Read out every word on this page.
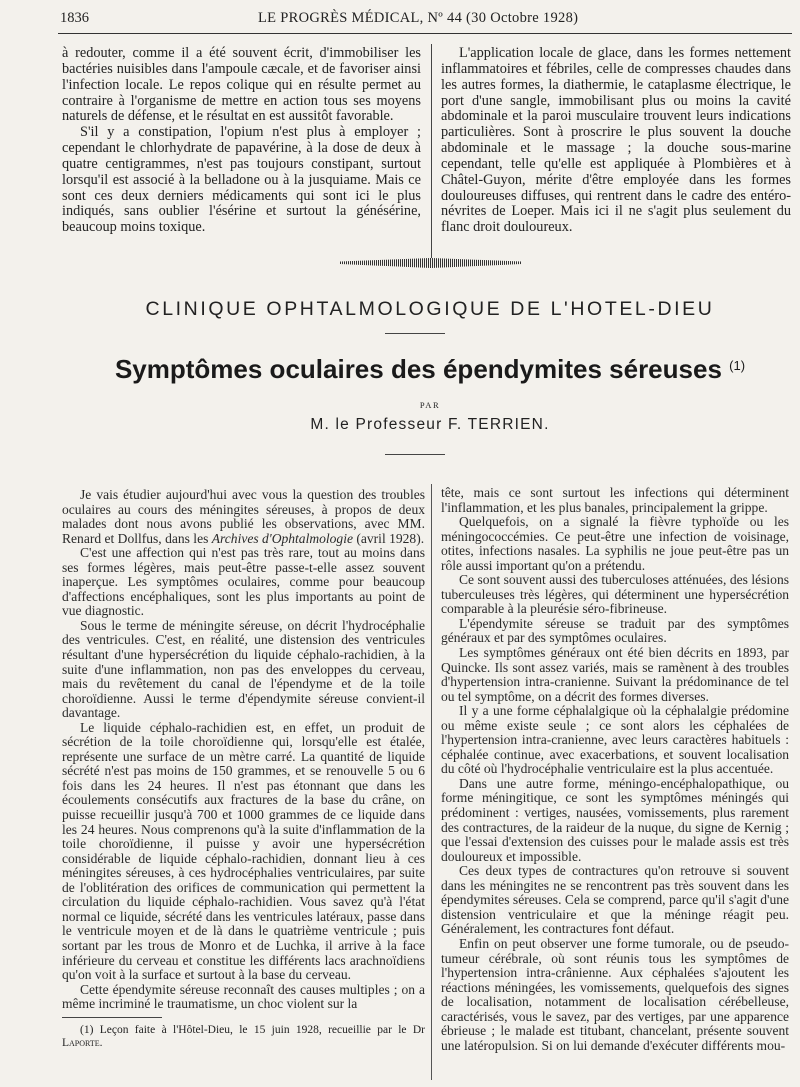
1836	LE PROGRÈS MÉDICAL, Nº 44 (30 Octobre 1928)

à redouter, comme il a été souvent écrit, d'immobiliser les bactéries nuisibles dans l'ampoule cæcale, et de favoriser ainsi l'infection locale. Le repos colique qui en résulte permet au contraire à l'organisme de mettre en action tous ses moyens naturels de défense, et le résultat en est aussitôt favorable.

S'il y a constipation, l'opium n'est plus à employer ; cependant le chlorhydrate de papavérine, à la dose de deux à quatre centigrammes, n'est pas toujours constipant, surtout lorsqu'il est associé à la belladone ou à la jusquiame. Mais ce sont ces deux derniers médicaments qui sont ici le plus indiqués, sans oublier l'ésérine et surtout la génésérine, beaucoup moins toxique.

L'application locale de glace, dans les formes nettement inflammatoires et fébriles, celle de compresses chaudes dans les autres formes, la diathermie, le cataplasme électrique, le port d'une sangle, immobilisant plus ou moins la cavité abdominale et la paroi musculaire trouvent leurs indications particulières. Sont à proscrire le plus souvent la douche abdominale et le massage ; la douche sous-marine cependant, telle qu'elle est appliquée à Plombières et à Châtel-Guyon, mérite d'être employée dans les formes douloureuses diffuses, qui rentrent dans le cadre des entéro-névrites de Loeper. Mais ici il ne s'agit plus seulement du flanc droit douloureux.

CLINIQUE OPHTALMOLOGIQUE DE L'HOTEL-DIEU
Symptômes oculaires des épendymites séreuses $^{(1)}$
PAR
M. le Professeur F. TERRIEN.

Je vais étudier aujourd'hui avec vous la question des troubles oculaires au cours des méningites séreuses, à propos de deux malades dont nous avons publié les observations, avec MM. Renard et Dollfus, dans les Archives d'Ophtalmologie (avril 1928).

C'est une affection qui n'est pas très rare, tout au moins dans ses formes légères, mais peut-être passe-t-elle assez souvent inaperçue. Les symptômes oculaires, comme pour beaucoup d'affections encéphaliques, sont les plus importants au point de vue diagnostic.

Sous le terme de méningite séreuse, on décrit l'hydrocéphalie des ventricules. C'est, en réalité, une distension des ventricules résultant d'une hypersécrétion du liquide céphalo-rachidien, à la suite d'une inflammation, non pas des enveloppes du cerveau, mais du revêtement du canal de l'épendyme et de la toile choroïdienne. Aussi le terme d'épendymite séreuse convient-il davantage.

Le liquide céphalo-rachidien est, en effet, un produit de sécrétion de la toile choroïdienne qui, lorsqu'elle est étalée, représente une surface de un mètre carré. La quantité de liquide sécrété n'est pas moins de 150 grammes, et se renouvelle 5 ou 6 fois dans les 24 heures. Il n'est pas étonnant que dans les écoulements consécutifs aux fractures de la base du crâne, on puisse recueillir jusqu'à 700 et 1000 grammes de ce liquide dans les 24 heures. Nous comprenons qu'à la suite d'inflammation de la toile choroïdienne, il puisse y avoir une hypersécrétion considérable de liquide céphalo-rachidien, donnant lieu à ces méningites séreuses, à ces hydrocéphalies ventriculaires, par suite de l'oblitération des orifices de communication qui permettent la circulation du liquide céphalo-rachidien. Vous savez qu'à l'état normal ce liquide, sécrété dans les ventricules latéraux, passe dans le ventricule moyen et de là dans le quatrième ventricule ; puis sortant par les trous de Monro et de Luchka, il arrive à la face inférieure du cerveau et constitue les différents lacs arachnoïdiens qu'on voit à la surface et surtout à la base du cerveau.

Cette épendymite séreuse reconnaît des causes multiples ; on a même incriminé le traumatisme, un choc violent sur la

tête, mais ce sont surtout les infections qui déterminent l'inflammation, et les plus banales, principalement la grippe.

Quelquefois, on a signalé la fièvre typhoïde ou les méningococcémies. Ce peut-être une infection de voisinage, otites, infections nasales. La syphilis ne joue peut-être pas un rôle aussi important qu'on a prétendu.

Ce sont souvent aussi des tuberculoses atténuées, des lésions tuberculeuses très légères, qui déterminent une hypersécrétion comparable à la pleurésie séro-fibrineuse.

L'épendymite séreuse se traduit par des symptômes généraux et par des symptômes oculaires.

Les symptômes généraux ont été bien décrits en 1893, par Quincke. Ils sont assez variés, mais se ramènent à des troubles d'hypertension intra-cranienne. Suivant la prédominance de tel ou tel symptôme, on a décrit des formes diverses.

Il y a une forme céphalalgique où la céphalalgie prédomine ou même existe seule ; ce sont alors les céphalées de l'hypertension intra-cranienne, avec leurs caractères habituels : céphalée continue, avec exacerbations, et souvent localisation du côté où l'hydrocéphalie ventriculaire est la plus accentuée.

Dans une autre forme, méningo-encéphalopathique, ou forme méningitique, ce sont les symptômes méningés qui prédominent : vertiges, nausées, vomissements, plus rarement des contractures, de la raideur de la nuque, du signe de Kernig ; que l'essai d'extension des cuisses pour le malade assis est très douloureux et impossible.

Ces deux types de contractures qu'on retrouve si souvent dans les méningites ne se rencontrent pas très souvent dans les épendymites séreuses. Cela se comprend, parce qu'il s'agit d'une distension ventriculaire et que la méninge réagit peu. Généralement, les contractures font défaut.

Enfin on peut observer une forme tumorale, ou de pseudo-tumeur cérébrale, où sont réunis tous les symptômes de l'hypertension intra-crânienne. Aux céphalées s'ajoutent les réactions méningées, les vomissements, quelquefois des signes de localisation, notamment de localisation cérébelleuse, caractérisés, vous le savez, par des vertiges, par une apparence ébrieuse ; le malade est titubant, chancelant, présente souvent une latéropulsion. Si on lui demande d'exécuter différents mou-

(1) Leçon faite à l'Hôtel-Dieu, le 15 juin 1928, recueillie par le Dr Laporte.
